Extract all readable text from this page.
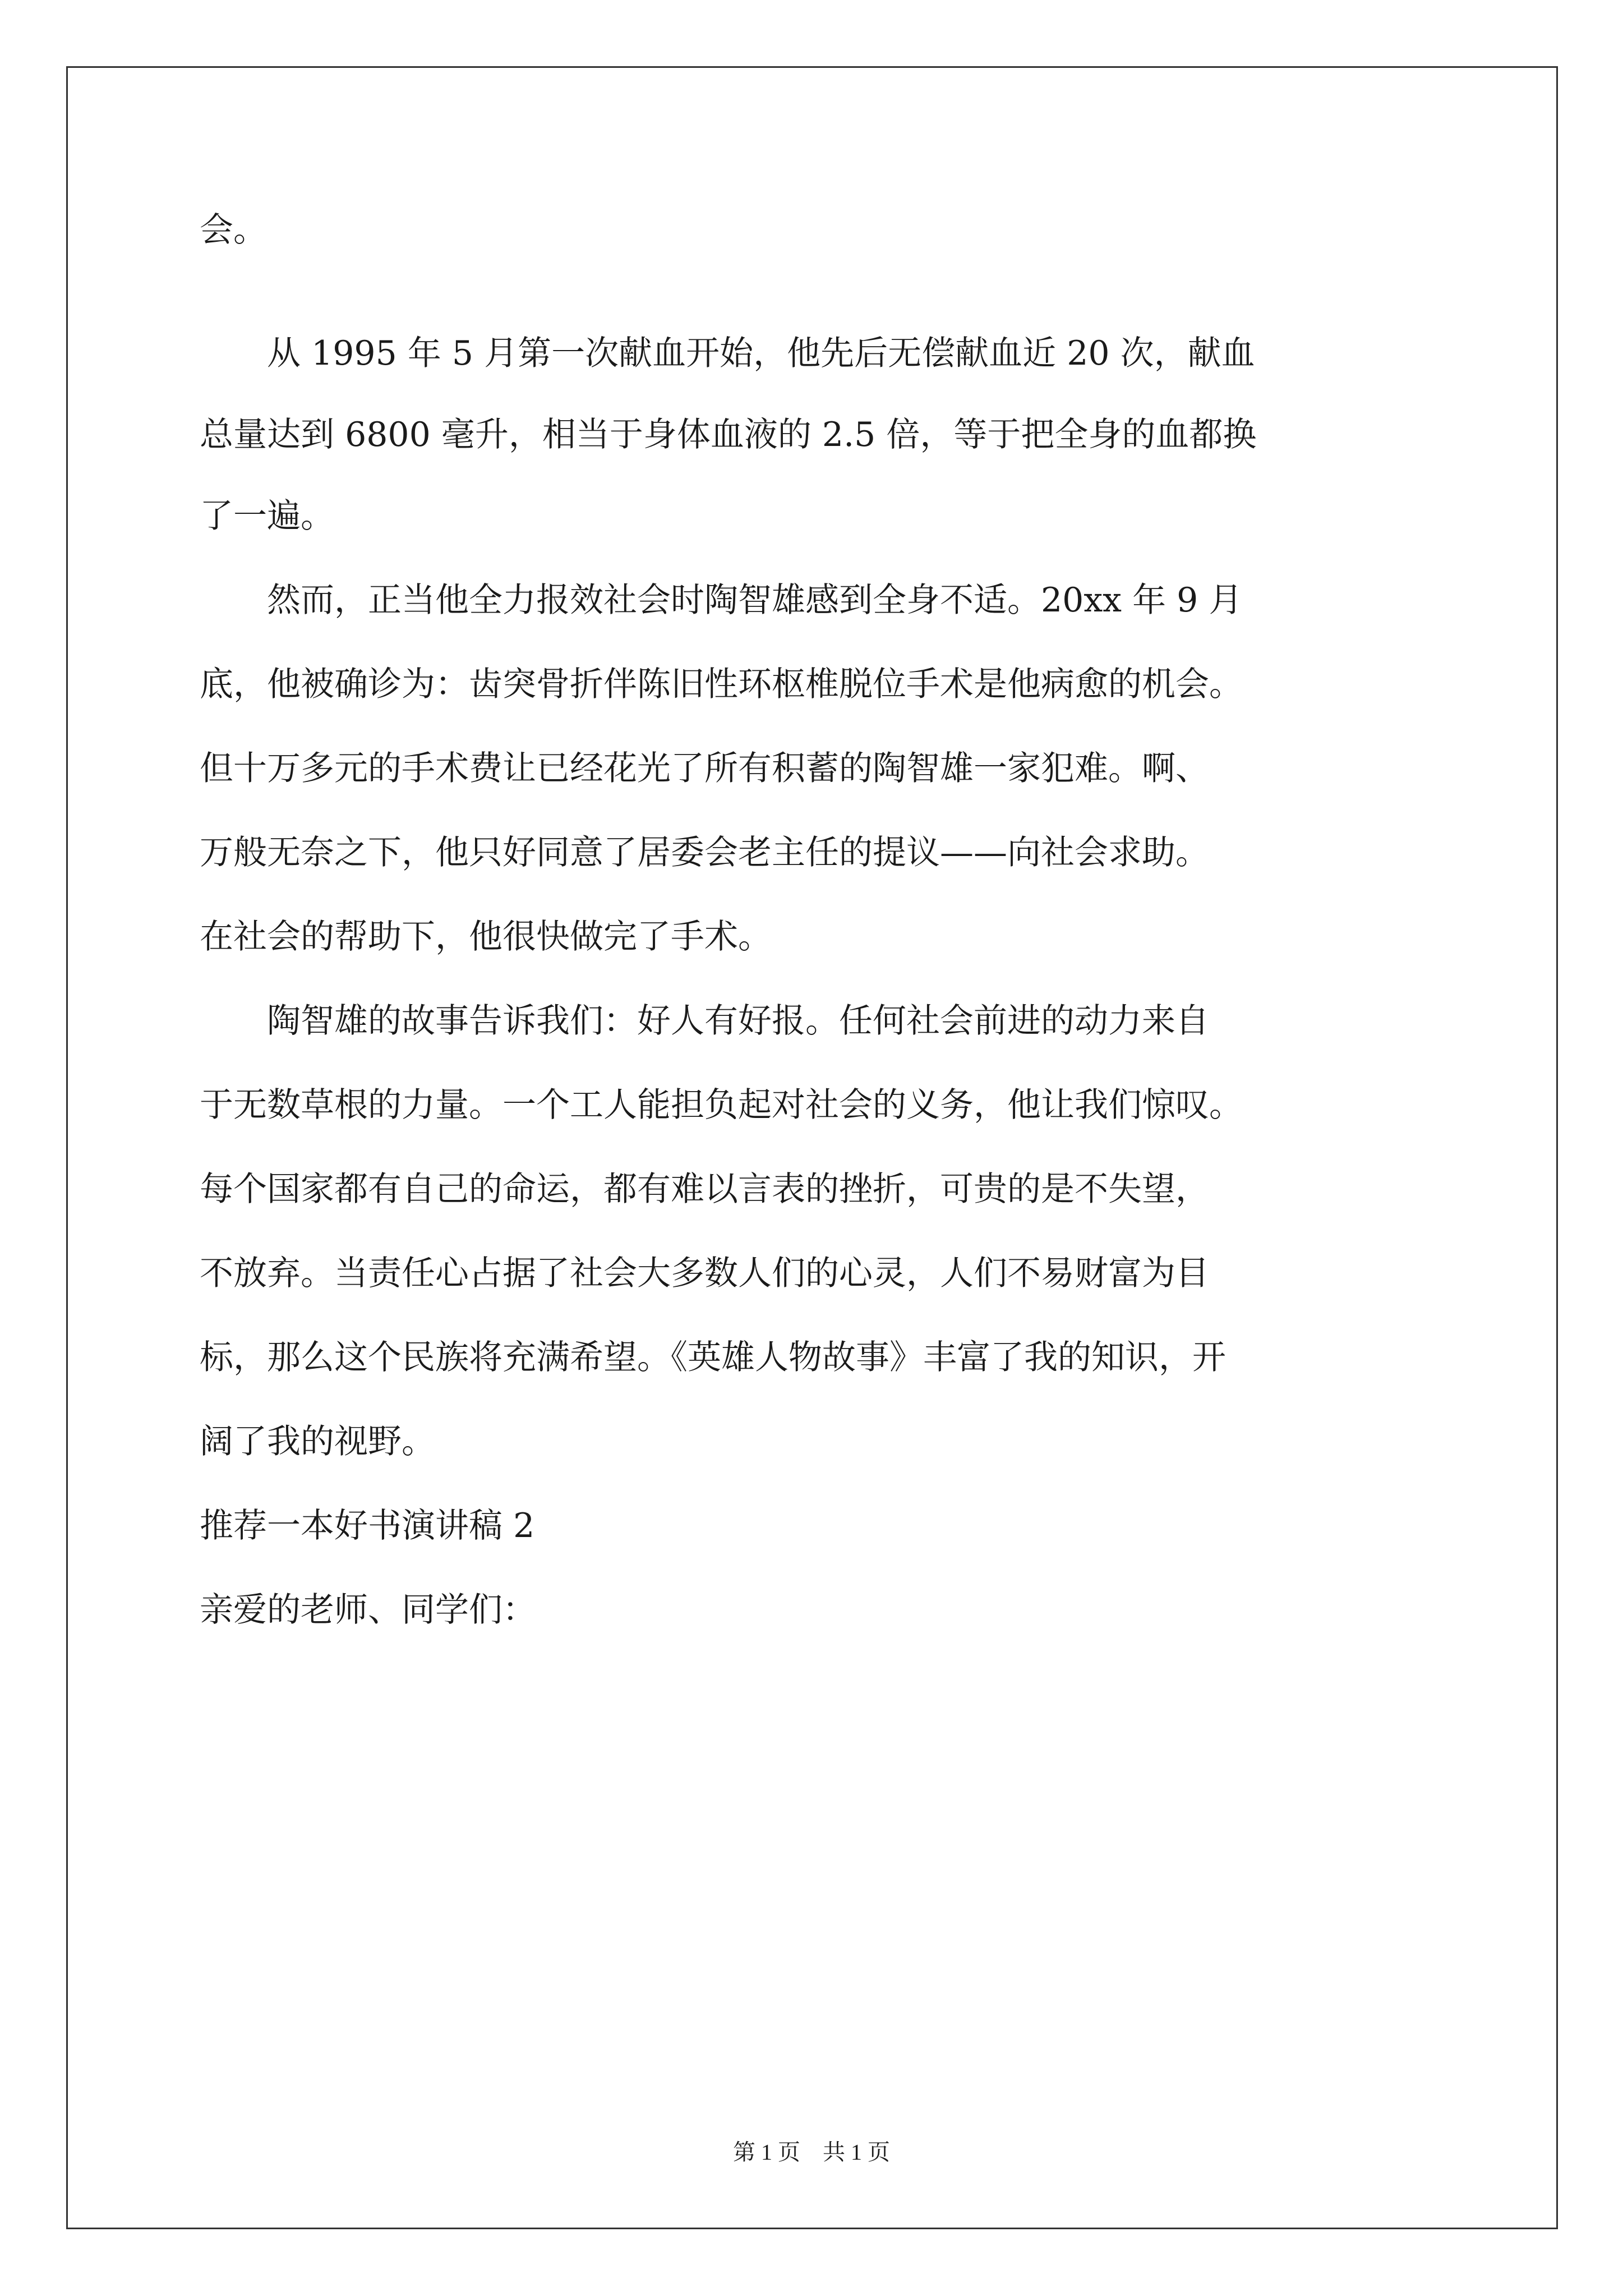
会。
　　从 1995 年 5 月第一次献血开始，他先后无偿献血近 20 次，献血
总量达到 6800 毫升，相当于身体血液的 2.5 倍，等于把全身的血都换
了一遍。
　　然而，正当他全力报效社会时陶智雄感到全身不适。20xx 年 9 月
底，他被确诊为：齿突骨折伴陈旧性环枢椎脱位手术是他病愈的机会。
但十万多元的手术费让已经花光了所有积蓄的陶智雄一家犯难。啊、
万般无奈之下，他只好同意了居委会老主任的提议——向社会求助。
在社会的帮助下，他很快做完了手术。
　　陶智雄的故事告诉我们：好人有好报。任何社会前进的动力来自
于无数草根的力量。一个工人能担负起对社会的义务，他让我们惊叹。
每个国家都有自己的命运，都有难以言表的挫折，可贵的是不失望，
不放弃。当责任心占据了社会大多数人们的心灵，人们不易财富为目
标，那么这个民族将充满希望。《英雄人物故事》丰富了我的知识，开
阔了我的视野。
推荐一本好书演讲稿 2
亲爱的老师、同学们：
第 1 页　共 1 页
